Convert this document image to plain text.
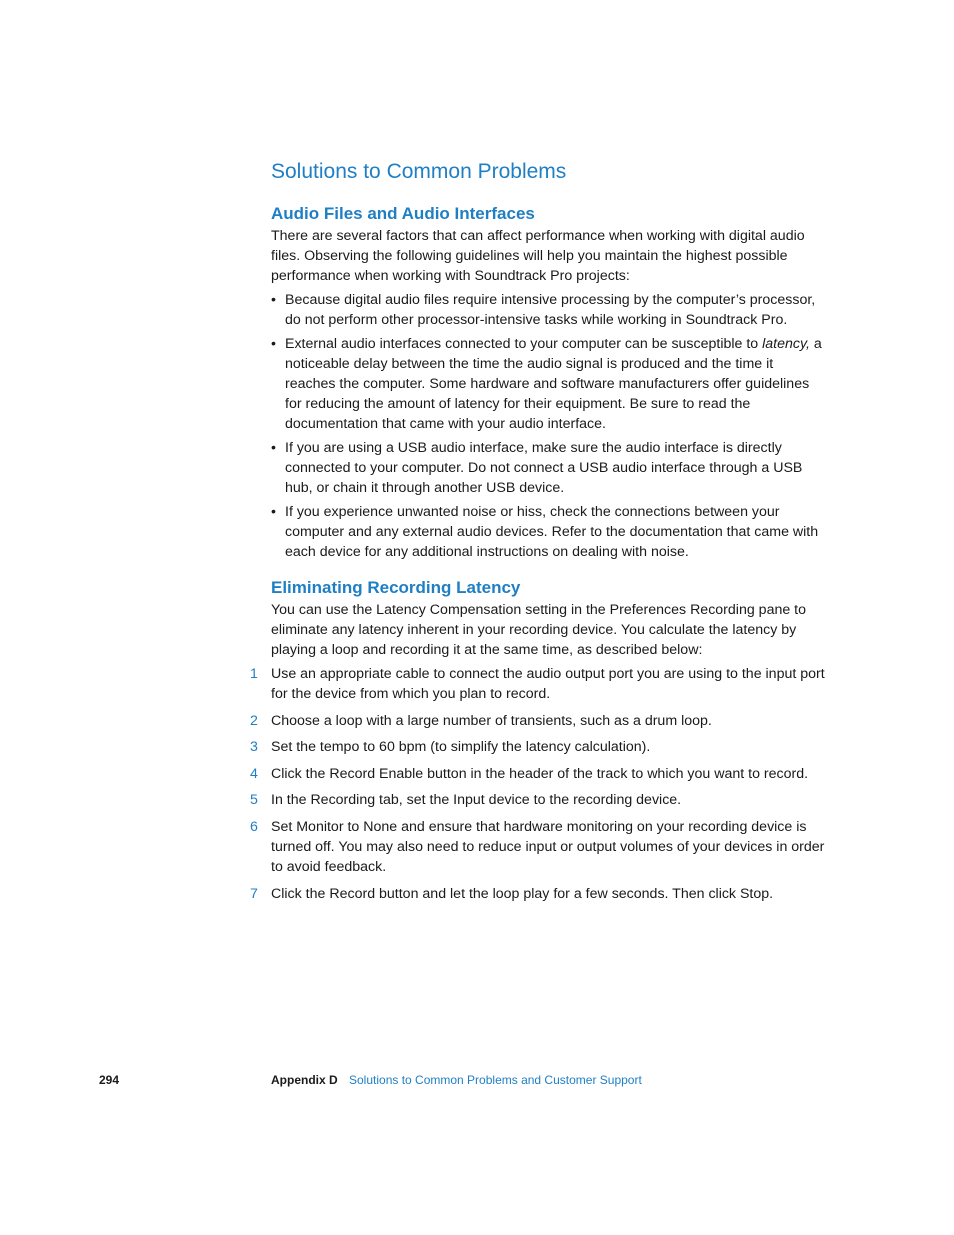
Solutions to Common Problems
Audio Files and Audio Interfaces

There are several factors that can affect performance when working with digital audio files. Observing the following guidelines will help you maintain the highest possible performance when working with Soundtrack Pro projects:

• Because digital audio files require intensive processing by the computer’s processor, do not perform other processor-intensive tasks while working in Soundtrack Pro.
• External audio interfaces connected to your computer can be susceptible to latency, a noticeable delay between the time the audio signal is produced and the time it reaches the computer. Some hardware and software manufacturers offer guidelines for reducing the amount of latency for their equipment. Be sure to read the documentation that came with your audio interface.
• If you are using a USB audio interface, make sure the audio interface is directly connected to your computer. Do not connect a USB audio interface through a USB hub, or chain it through another USB device.
• If you experience unwanted noise or hiss, check the connections between your computer and any external audio devices. Refer to the documentation that came with each device for any additional instructions on dealing with noise.
Eliminating Recording Latency

You can use the Latency Compensation setting in the Preferences Recording pane to eliminate any latency inherent in your recording device. You calculate the latency by playing a loop and recording it at the same time, as described below:

1 Use an appropriate cable to connect the audio output port you are using to the input port for the device from which you plan to record.
2 Choose a loop with a large number of transients, such as a drum loop.
3 Set the tempo to 60 bpm (to simplify the latency calculation).
4 Click the Record Enable button in the header of the track to which you want to record.
5 In the Recording tab, set the Input device to the recording device.
6 Set Monitor to None and ensure that hardware monitoring on your recording device is turned off. You may also need to reduce input or output volumes of your devices in order to avoid feedback.
7 Click the Record button and let the loop play for a few seconds. Then click Stop.
294	Appendix D Solutions to Common Problems and Customer Support
